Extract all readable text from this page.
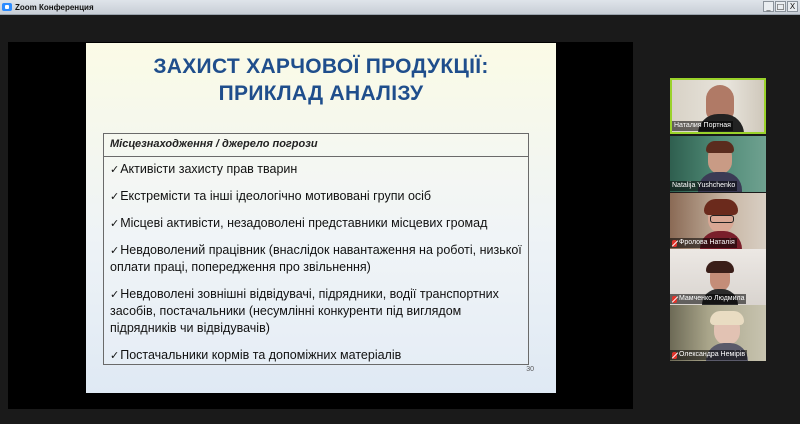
Zoom Конференция	_ □ X
ЗАХИСТ ХАРЧОВОЇ ПРОДУКЦІЇ:
ПРИКЛАД АНАЛІЗУ
Місцезнаходження / джерело погрози
✓Активісти захисту прав тварин
✓Екстремісти та інші ідеологічно мотивовані групи осіб
✓Місцеві активісти, незадоволені представники місцевих громад
✓Невдоволений працівник (внаслідок навантаження на роботі, низької оплати праці, попередження про звільнення)
✓Невдоволені зовнішні відвідувачі, підрядники, водії транспортних засобів, постачальники (несумлінні конкуренти під виглядом підрядників чи відвідувачів)
✓Постачальники кормів та допоміжних матеріалів
30
Наталия Портная
Natalija Yushchenko
Фролова Наталія
Мамченко Людмила
Олександра Немірів
